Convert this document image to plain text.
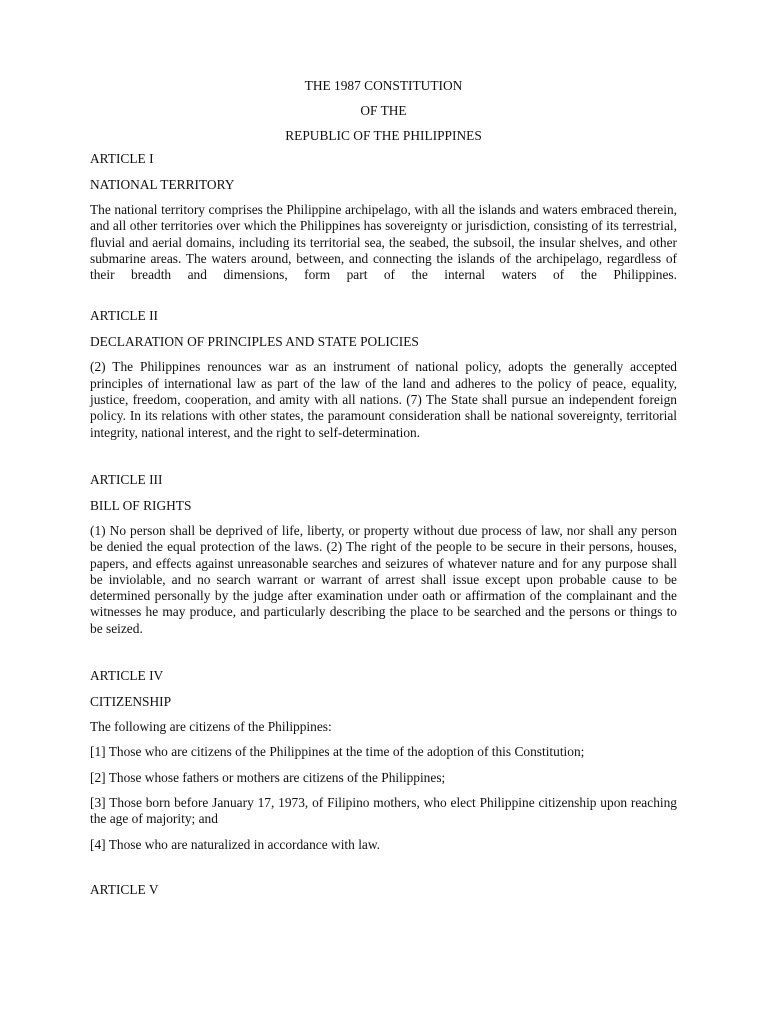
THE 1987 CONSTITUTION

OF THE

REPUBLIC OF THE PHILIPPINES

ARTICLE I

NATIONAL TERRITORY

The national territory comprises the Philippine archipelago, with all the islands and waters embraced therein, and all other territories over which the Philippines has sovereignty or jurisdiction, consisting of its terrestrial, fluvial and aerial domains, including its territorial sea, the seabed, the subsoil, the insular shelves, and other submarine areas. The waters around, between, and connecting the islands of the archipelago, regardless of their breadth and dimensions, form part of the internal waters of the Philippines.

ARTICLE II

DECLARATION OF PRINCIPLES AND STATE POLICIES

(2) The Philippines renounces war as an instrument of national policy, adopts the generally accepted principles of international law as part of the law of the land and adheres to the policy of peace, equality, justice, freedom, cooperation, and amity with all nations. (7) The State shall pursue an independent foreign policy. In its relations with other states, the paramount consideration shall be national sovereignty, territorial integrity, national interest, and the right to self-determination.

ARTICLE III

BILL OF RIGHTS

(1) No person shall be deprived of life, liberty, or property without due process of law, nor shall any person be denied the equal protection of the laws. (2) The right of the people to be secure in their persons, houses, papers, and effects against unreasonable searches and seizures of whatever nature and for any purpose shall be inviolable, and no search warrant or warrant of arrest shall issue except upon probable cause to be determined personally by the judge after examination under oath or affirmation of the complainant and the witnesses he may produce, and particularly describing the place to be searched and the persons or things to be seized.

ARTICLE IV

CITIZENSHIP

The following are citizens of the Philippines:

[1] Those who are citizens of the Philippines at the time of the adoption of this Constitution;

[2] Those whose fathers or mothers are citizens of the Philippines;

[3] Those born before January 17, 1973, of Filipino mothers, who elect Philippine citizenship upon reaching the age of majority; and

[4] Those who are naturalized in accordance with law.

ARTICLE V
